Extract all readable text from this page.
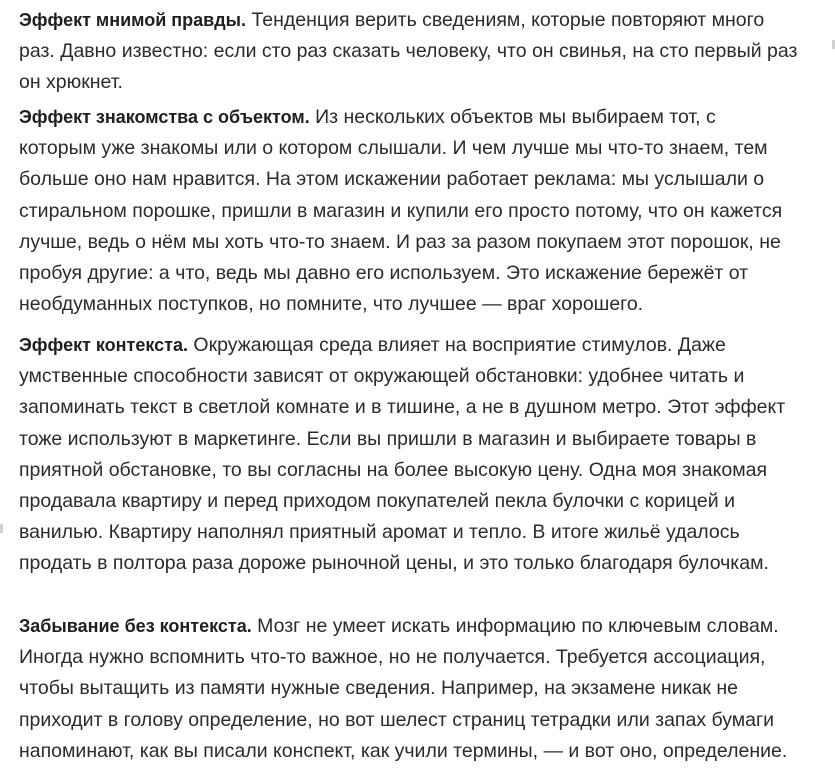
Эффект мнимой правды. Тенденция верить сведениям, которые повторяют много
раз. Давно известно: если сто раз сказать человеку, что он свинья, на сто первый раз
он хрюкнет.

Эффект знакомства с объектом. Из нескольких объектов мы выбираем тот, с
которым уже знакомы или о котором слышали. И чем лучше мы что-то знаем, тем
больше оно нам нравится. На этом искажении работает реклама: мы услышали о
стиральном порошке, пришли в магазин и купили его просто потому, что он кажется
лучше, ведь о нём мы хоть что-то знаем. И раз за разом покупаем этот порошок, не
пробуя другие: а что, ведь мы давно его используем. Это искажение бережёт от
необдуманных поступков, но помните, что лучшее — враг хорошего.

Эффект контекста. Окружающая среда влияет на восприятие стимулов. Даже
умственные способности зависят от окружающей обстановки: удобнее читать и
запоминать текст в светлой комнате и в тишине, а не в душном метро. Этот эффект
тоже используют в маркетинге. Если вы пришли в магазин и выбираете товары в
приятной обстановке, то вы согласны на более высокую цену. Одна моя знакомая
продавала квартиру и перед приходом покупателей пекла булочки с корицей и
ванилью. Квартиру наполнял приятный аромат и тепло. В итоге жильё удалось
продать в полтора раза дороже рыночной цены, и это только благодаря булочкам.

Забывание без контекста. Мозг не умеет искать информацию по ключевым словам.
Иногда нужно вспомнить что-то важное, но не получается. Требуется ассоциация,
чтобы вытащить из памяти нужные сведения. Например, на экзамене никак не
приходит в голову определение, но вот шелест страниц тетрадки или запах бумаги
напоминают, как вы писали конспект, как учили термины, — и вот оно, определение.
